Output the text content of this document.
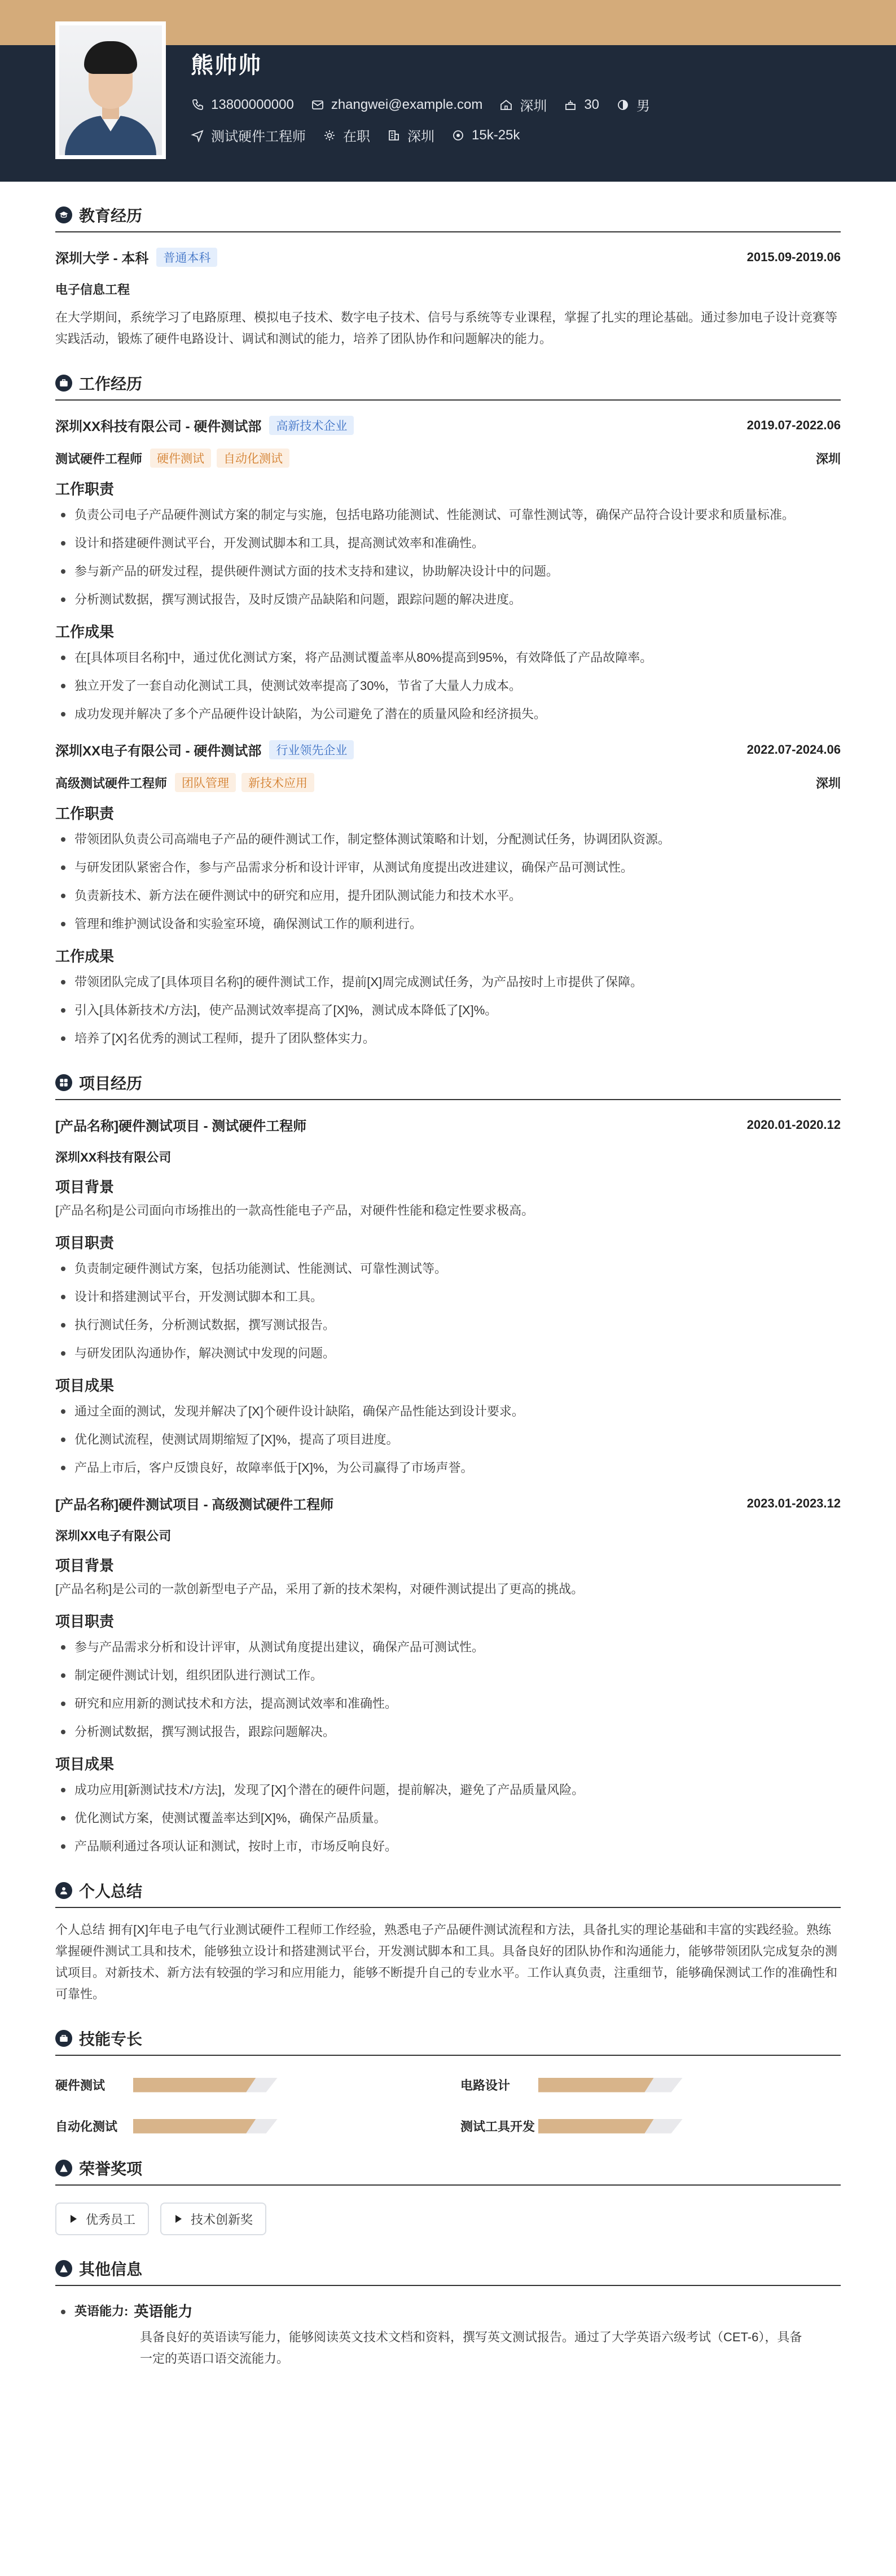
熊帅帅
13800000000	zhangwei@example.com	深圳	30	男
测试硬件工程师	在职	深圳	15k-25k
教育经历
深圳大学 - 本科	普通本科	2015.09-2019.06
电子信息工程
在大学期间，系统学习了电路原理、模拟电子技术、数字电子技术、信号与系统等专业课程，掌握了扎实的理论基础。通过参加电子设计竞赛等实践活动，锻炼了硬件电路设计、调试和测试的能力，培养了团队协作和问题解决的能力。
工作经历
深圳XX科技有限公司 - 硬件测试部	高新技术企业	2019.07-2022.06
测试硬件工程师	硬件测试	自动化测试	深圳
工作职责
负责公司电子产品硬件测试方案的制定与实施，包括电路功能测试、性能测试、可靠性测试等，确保产品符合设计要求和质量标准。
设计和搭建硬件测试平台，开发测试脚本和工具，提高测试效率和准确性。
参与新产品的研发过程，提供硬件测试方面的技术支持和建议，协助解决设计中的问题。
分析测试数据，撰写测试报告，及时反馈产品缺陷和问题，跟踪问题的解决进度。
工作成果
在[具体项目名称]中，通过优化测试方案，将产品测试覆盖率从80%提高到95%，有效降低了产品故障率。
独立开发了一套自动化测试工具，使测试效率提高了30%，节省了大量人力成本。
成功发现并解决了多个产品硬件设计缺陷，为公司避免了潜在的质量风险和经济损失。
深圳XX电子有限公司 - 硬件测试部	行业领先企业	2022.07-2024.06
高级测试硬件工程师	团队管理	新技术应用	深圳
工作职责
带领团队负责公司高端电子产品的硬件测试工作，制定整体测试策略和计划，分配测试任务，协调团队资源。
与研发团队紧密合作，参与产品需求分析和设计评审，从测试角度提出改进建议，确保产品可测试性。
负责新技术、新方法在硬件测试中的研究和应用，提升团队测试能力和技术水平。
管理和维护测试设备和实验室环境，确保测试工作的顺利进行。
工作成果
带领团队完成了[具体项目名称]的硬件测试工作，提前[X]周完成测试任务，为产品按时上市提供了保障。
引入[具体新技术/方法]，使产品测试效率提高了[X]%，测试成本降低了[X]%。
培养了[X]名优秀的测试工程师，提升了团队整体实力。
项目经历
[产品名称]硬件测试项目 - 测试硬件工程师	2020.01-2020.12
深圳XX科技有限公司
项目背景
[产品名称]是公司面向市场推出的一款高性能电子产品，对硬件性能和稳定性要求极高。
项目职责
负责制定硬件测试方案，包括功能测试、性能测试、可靠性测试等。
设计和搭建测试平台，开发测试脚本和工具。
执行测试任务，分析测试数据，撰写测试报告。
与研发团队沟通协作，解决测试中发现的问题。
项目成果
通过全面的测试，发现并解决了[X]个硬件设计缺陷，确保产品性能达到设计要求。
优化测试流程，使测试周期缩短了[X]%，提高了项目进度。
产品上市后，客户反馈良好，故障率低于[X]%，为公司赢得了市场声誉。
[产品名称]硬件测试项目 - 高级测试硬件工程师	2023.01-2023.12
深圳XX电子有限公司
项目背景
[产品名称]是公司的一款创新型电子产品，采用了新的技术架构，对硬件测试提出了更高的挑战。
项目职责
参与产品需求分析和设计评审，从测试角度提出建议，确保产品可测试性。
制定硬件测试计划，组织团队进行测试工作。
研究和应用新的测试技术和方法，提高测试效率和准确性。
分析测试数据，撰写测试报告，跟踪问题解决。
项目成果
成功应用[新测试技术/方法]，发现了[X]个潜在的硬件问题，提前解决，避免了产品质量风险。
优化测试方案，使测试覆盖率达到[X]%，确保产品质量。
产品顺利通过各项认证和测试，按时上市，市场反响良好。
个人总结
个人总结 拥有[X]年电子电气行业测试硬件工程师工作经验，熟悉电子产品硬件测试流程和方法，具备扎实的理论基础和丰富的实践经验。熟练掌握硬件测试工具和技术，能够独立设计和搭建测试平台，开发测试脚本和工具。具备良好的团队协作和沟通能力，能够带领团队完成复杂的测试项目。对新技术、新方法有较强的学习和应用能力，能够不断提升自己的专业水平。工作认真负责，注重细节，能够确保测试工作的准确性和可靠性。
技能专长
硬件测试	电路设计
自动化测试	测试工具开发
荣誉奖项
优秀员工	技术创新奖
其他信息
英语能力: 英语能力
具备良好的英语读写能力，能够阅读英文技术文档和资料，撰写英文测试报告。通过了大学英语六级考试（CET-6），具备一定的英语口语交流能力。
